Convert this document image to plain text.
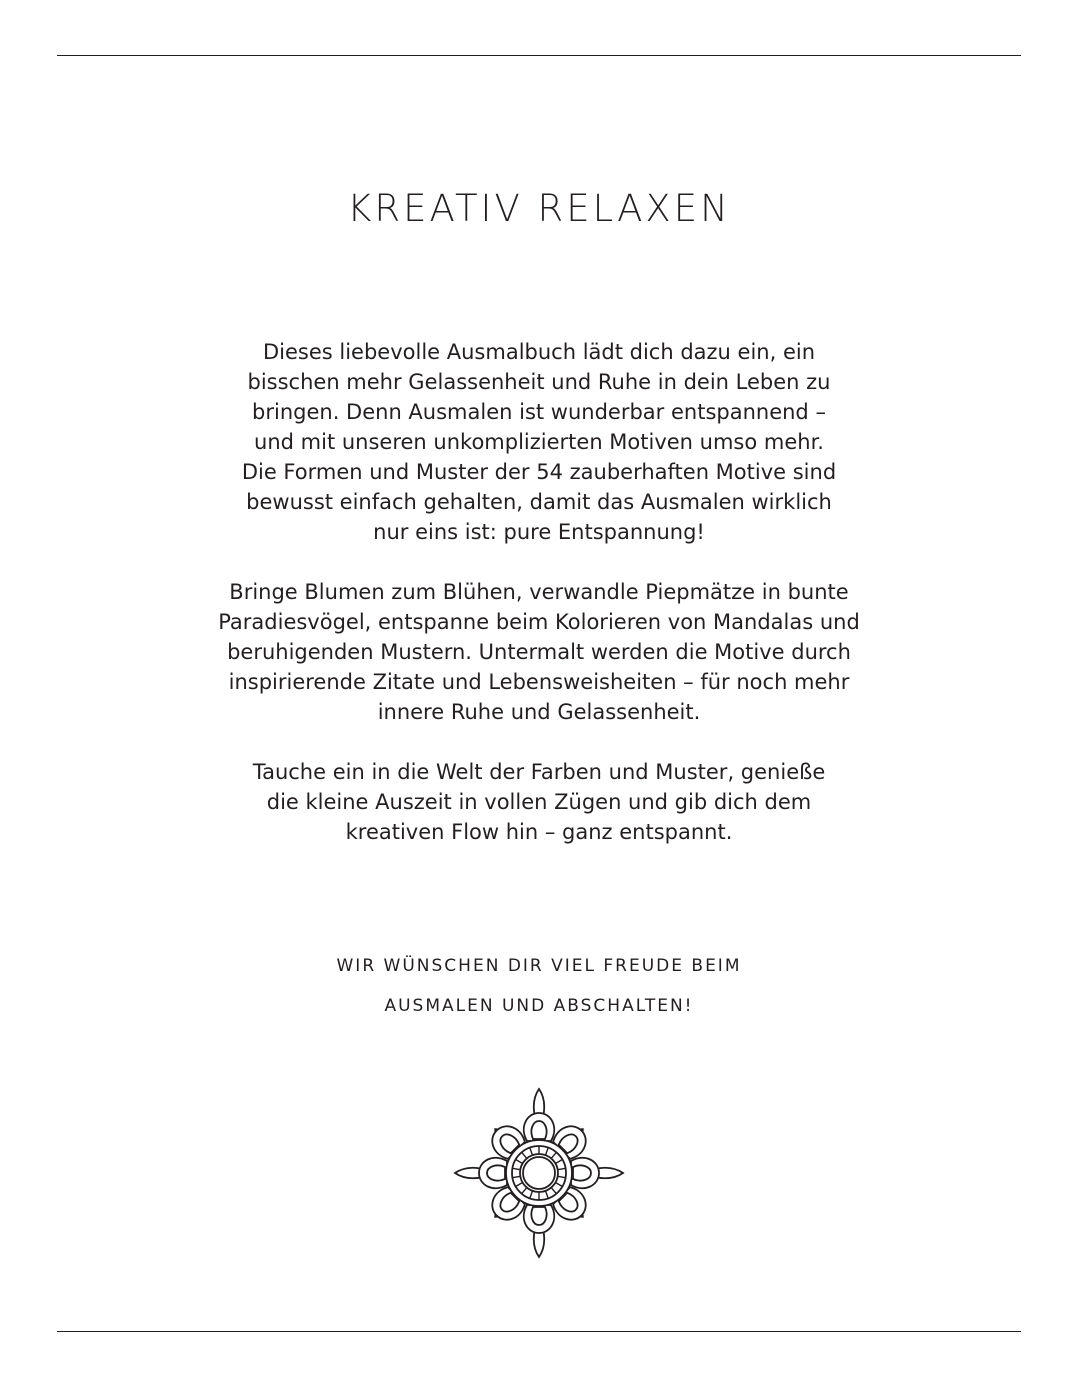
KREATIV RELAXEN
Dieses liebevolle Ausmalbuch lädt dich dazu ein, ein
bisschen mehr Gelassenheit und Ruhe in dein Leben zu
bringen. Denn Ausmalen ist wunderbar entspannend –
und mit unseren unkomplizierten Motiven umso mehr.
Die Formen und Muster der 54 zauberhaften Motive sind
bewusst einfach gehalten, damit das Ausmalen wirklich
nur eins ist: pure Entspannung!
Bringe Blumen zum Blühen, verwandle Piepmätze in bunte
Paradiesvögel, entspanne beim Kolorieren von Mandalas und
beruhigenden Mustern. Untermalt werden die Motive durch
inspirierende Zitate und Lebensweisheiten – für noch mehr
innere Ruhe und Gelassenheit.
Tauche ein in die Welt der Farben und Muster, genieße
die kleine Auszeit in vollen Zügen und gib dich dem
kreativen Flow hin – ganz entspannt.
WIR WÜNSCHEN DIR VIEL FREUDE BEIM
AUSMALEN UND ABSCHALTEN!
